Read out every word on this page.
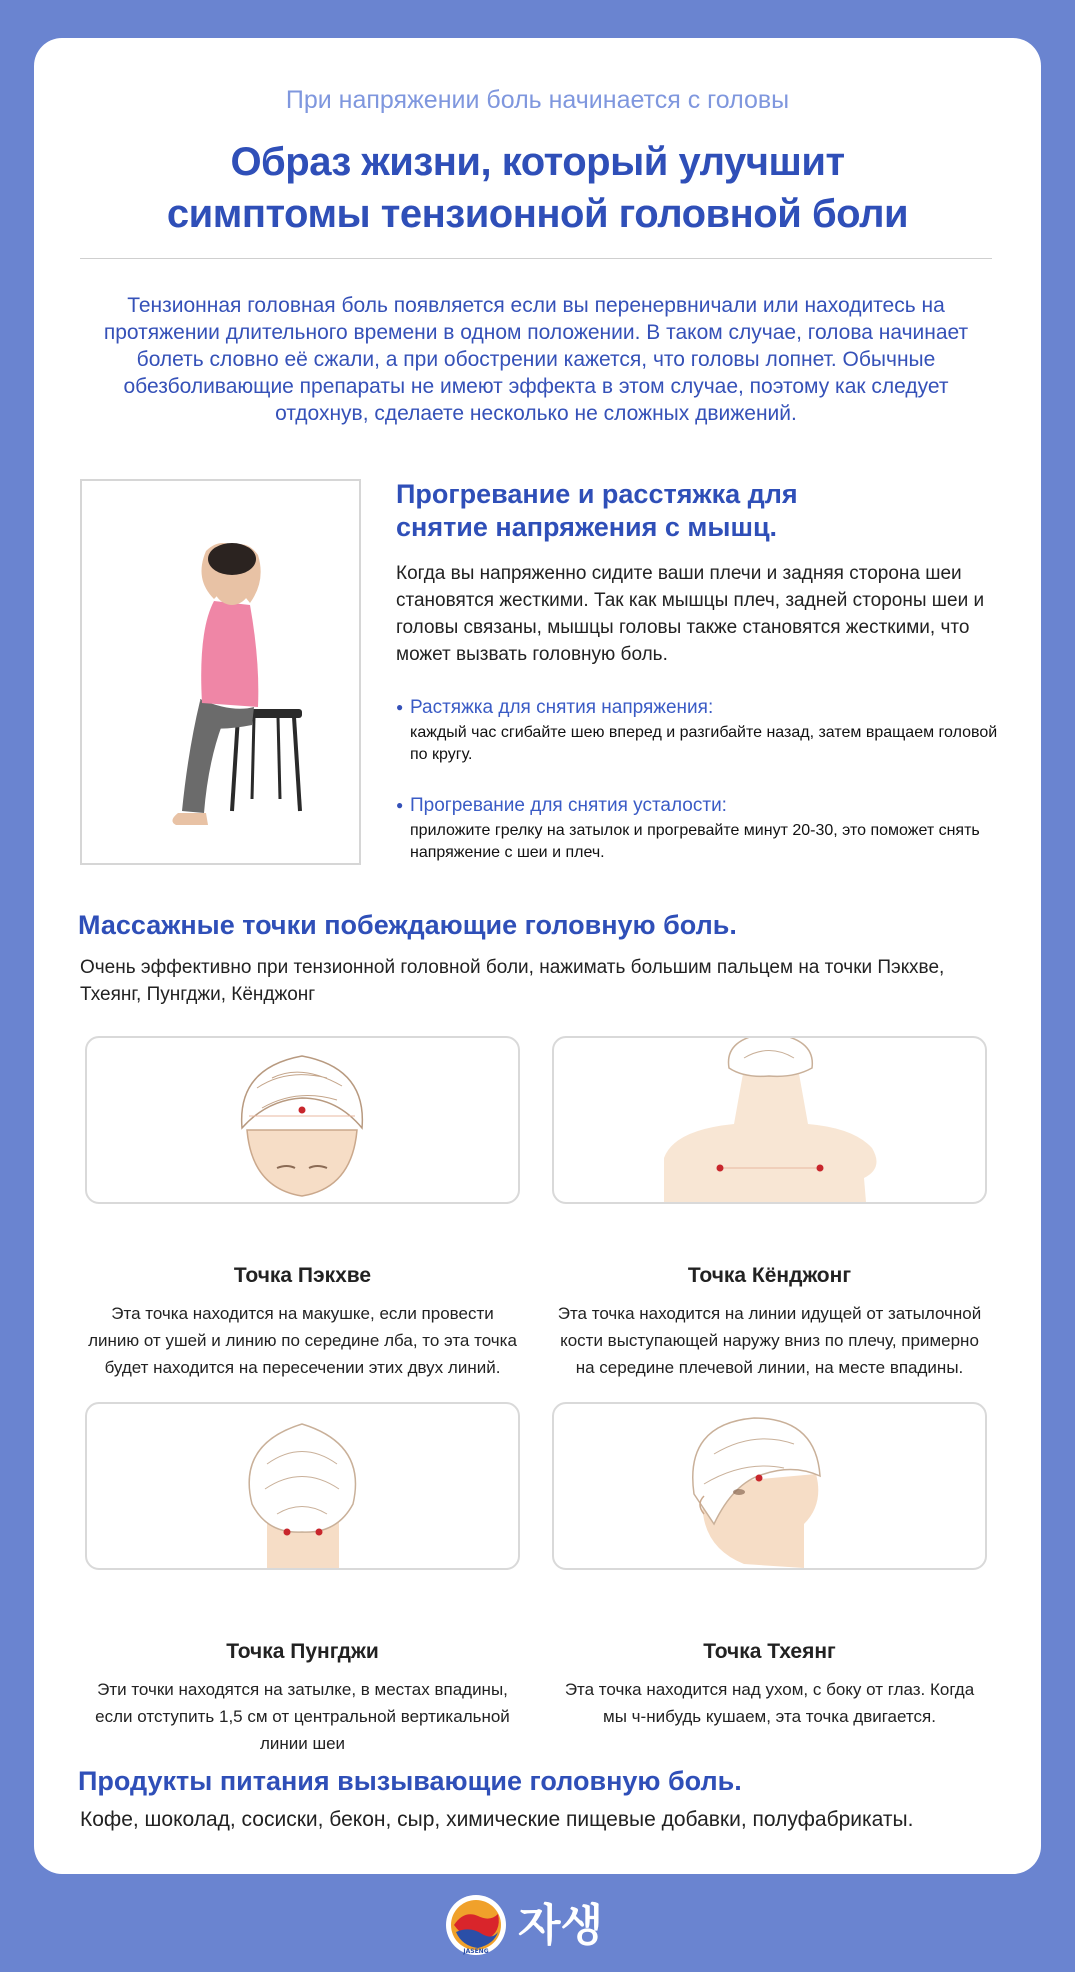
При напряжении боль начинается с головы
Образ жизни, который улучшит
симптомы тензионной головной боли

Тензионная головная боль появляется если вы перенервничали или находитесь на протяжении длительного времени в одном положении. В таком случае, голова начинает болеть словно её сжали, а при обострении кажется, что головы лопнет. Обычные обезболивающие препараты не имеют эффекта в этом случае, поэтому как следует отдохнув, сделаете несколько не сложных движений.

Прогревание и расстяжка для
снятие напряжения с мышц.

Когда вы напряженно сидите ваши плечи и задняя сторона шеи становятся жесткими. Так как мышцы плеч, задней стороны шеи и головы связаны, мышцы головы также становятся жесткими, что может вызвать головную боль.

● Растяжка для снятия напряжения:
каждый час сгибайте шею вперед и разгибайте назад, затем вращаем головой по кругу.
● Прогревание для снятия усталости:
приложите грелку на затылок и прогревайте минут 20-30, это поможет снять напряжение с шеи и плеч.
Массажные точки побеждающие головную боль.

Очень эффективно при тензионной головной боли, нажимать большим пальцем на точки Пэкхве, Тхеянг, Пунгджи, Кёнджонг

Точка Пэкхве
Эта точка находится на макушке, если провести линию от ушей и линию по середине лба, то эта точка будет находится на пересечении этих двух линий.
Точка Кёнджонг
Эта точка находится на линии идущей от затылочной кости выступающей наружу вниз по плечу, примерно на середине плечевой линии, на месте впадины.
Точка Пунгджи
Эти точки находятся на затылке, в местах впадины, если отступить 1,5 см от центральной вертикальной линии шеи
Точка Тхеянг
Эта точка находится над ухом, с боку от глаз. Когда мы ч-нибудь кушаем, эта точка двигается.
Продукты питания вызывающие головную боль.

Кофе, шоколад, сосиски, бекон, сыр, химические пищевые добавки, полуфабрикаты.

JASENG
자생
